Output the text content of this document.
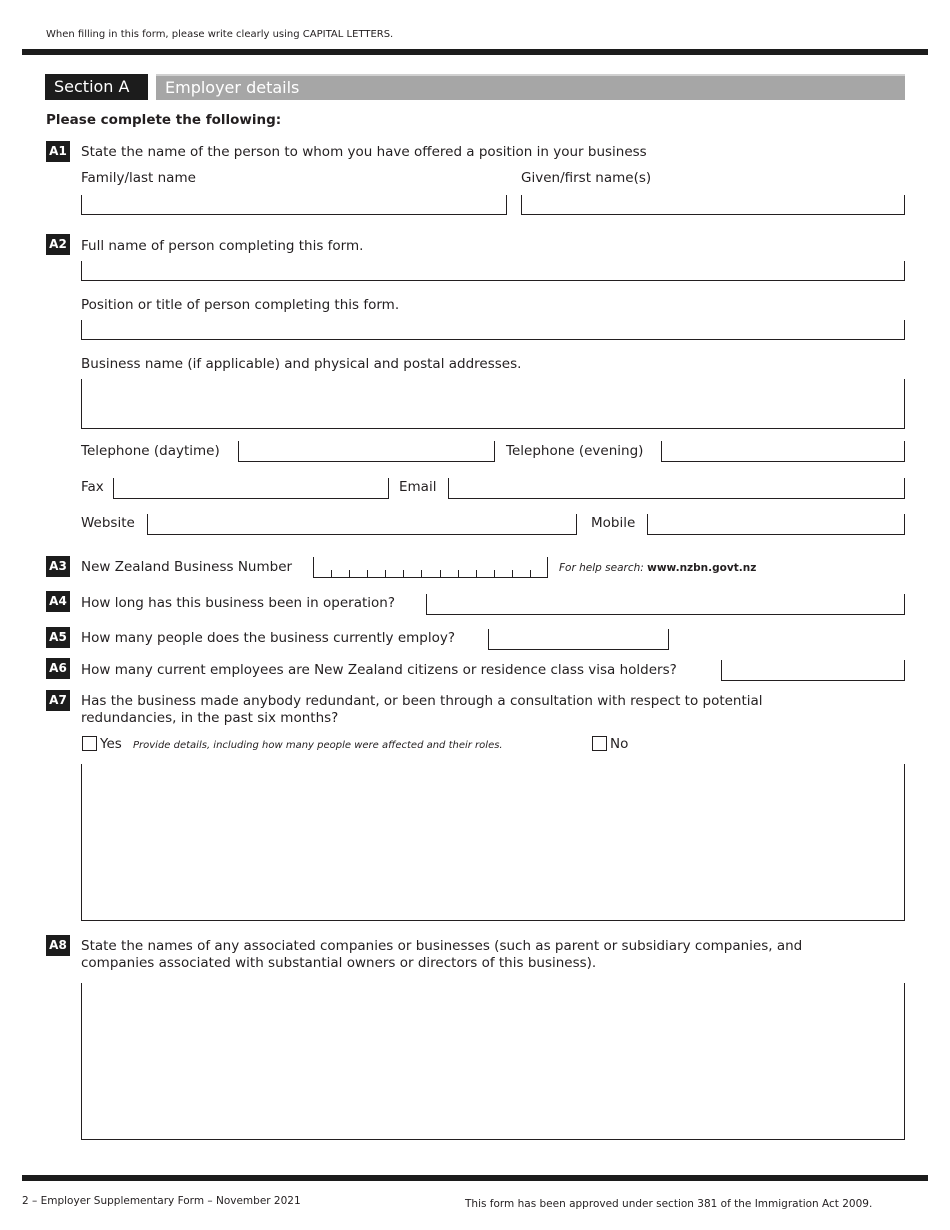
When filling in this form, please write clearly using CAPITAL LETTERS.
Section A Employer details
Please complete the following:
A1 State the name of the person to whom you have offered a position in your business
Family/last name	Given/first name(s)
A2 Full name of person completing this form.
Position or title of person completing this form.
Business name (if applicable) and physical and postal addresses.
Telephone (daytime)	Telephone (evening)
Fax	Email
Website	Mobile
A3 New Zealand Business Number	For help search: www.nzbn.govt.nz
A4 How long has this business been in operation?
A5 How many people does the business currently employ?
A6 How many current employees are New Zealand citizens or residence class visa holders?
A7 Has the business made anybody redundant, or been through a consultation with respect to potential
redundancies, in the past six months?
Yes Provide details, including how many people were affected and their roles.	No
A8 State the names of any associated companies or businesses (such as parent or subsidiary companies, and
companies associated with substantial owners or directors of this business).
2 – Employer Supplementary Form – November 2021	This form has been approved under section 381 of the Immigration Act 2009.
